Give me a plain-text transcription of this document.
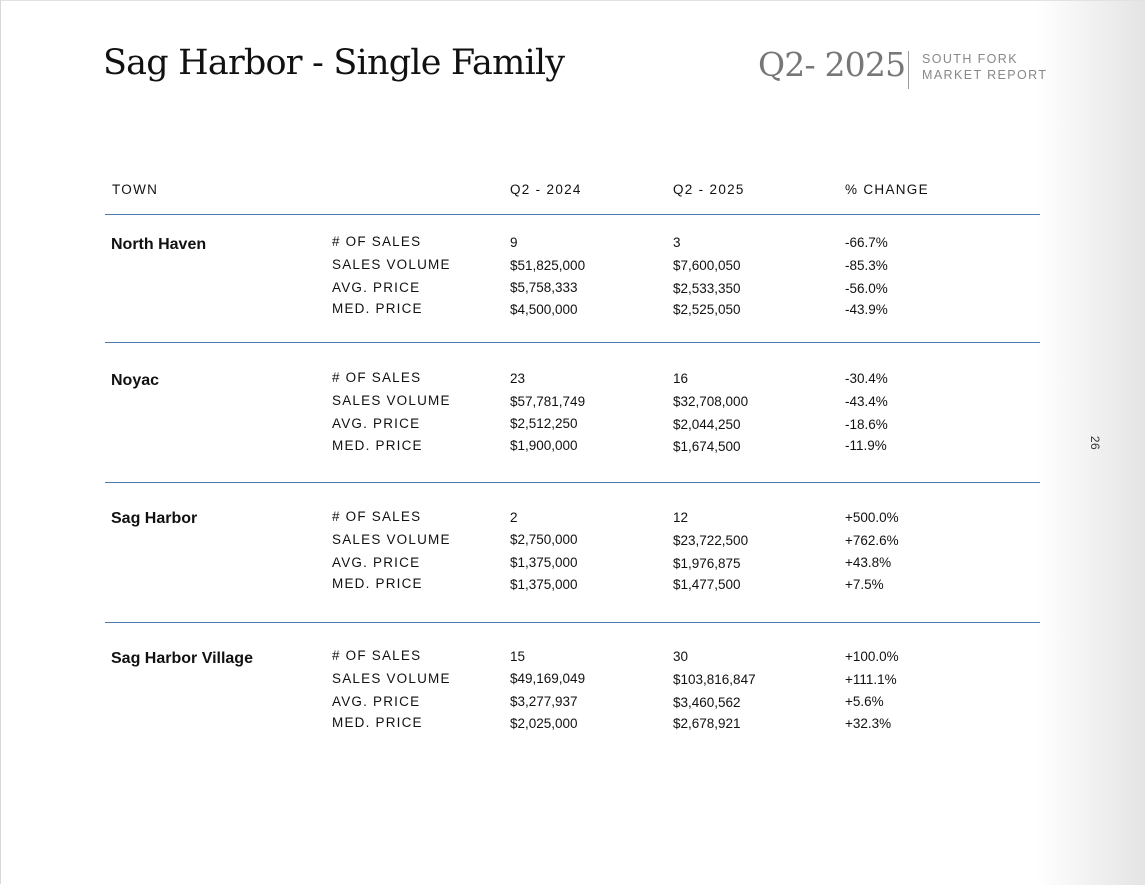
26
Sag Harbor - Single Family	Q2- 2025 SOUTH FORK
MARKET REPORT
TOWN	Q2 - 2024	Q2 - 2025	% CHANGE
North Haven	# OF SALES	9	3	-66.7%
SALES VOLUME	$51,825,000	$7,600,050	-85.3%
AVG. PRICE	$5,758,333	$2,533,350	-56.0%
MED. PRICE	$4,500,000	$2,525,050	-43.9%
Noyac	# OF SALES	23	16	-30.4%
SALES VOLUME	$57,781,749	$32,708,000	-43.4%
AVG. PRICE	$2,512,250	$2,044,250	-18.6%
MED. PRICE	$1,900,000	$1,674,500	-11.9%
Sag Harbor	# OF SALES	2	12	+500.0%
SALES VOLUME	$2,750,000	$23,722,500	+762.6%
AVG. PRICE	$1,375,000	$1,976,875	+43.8%
MED. PRICE	$1,375,000	$1,477,500	+7.5%
Sag Harbor Village	# OF SALES	15	30	+100.0%
SALES VOLUME	$49,169,049	$103,816,847	+111.1%
AVG. PRICE	$3,277,937	$3,460,562	+5.6%
MED. PRICE	$2,025,000	$2,678,921	+32.3%
